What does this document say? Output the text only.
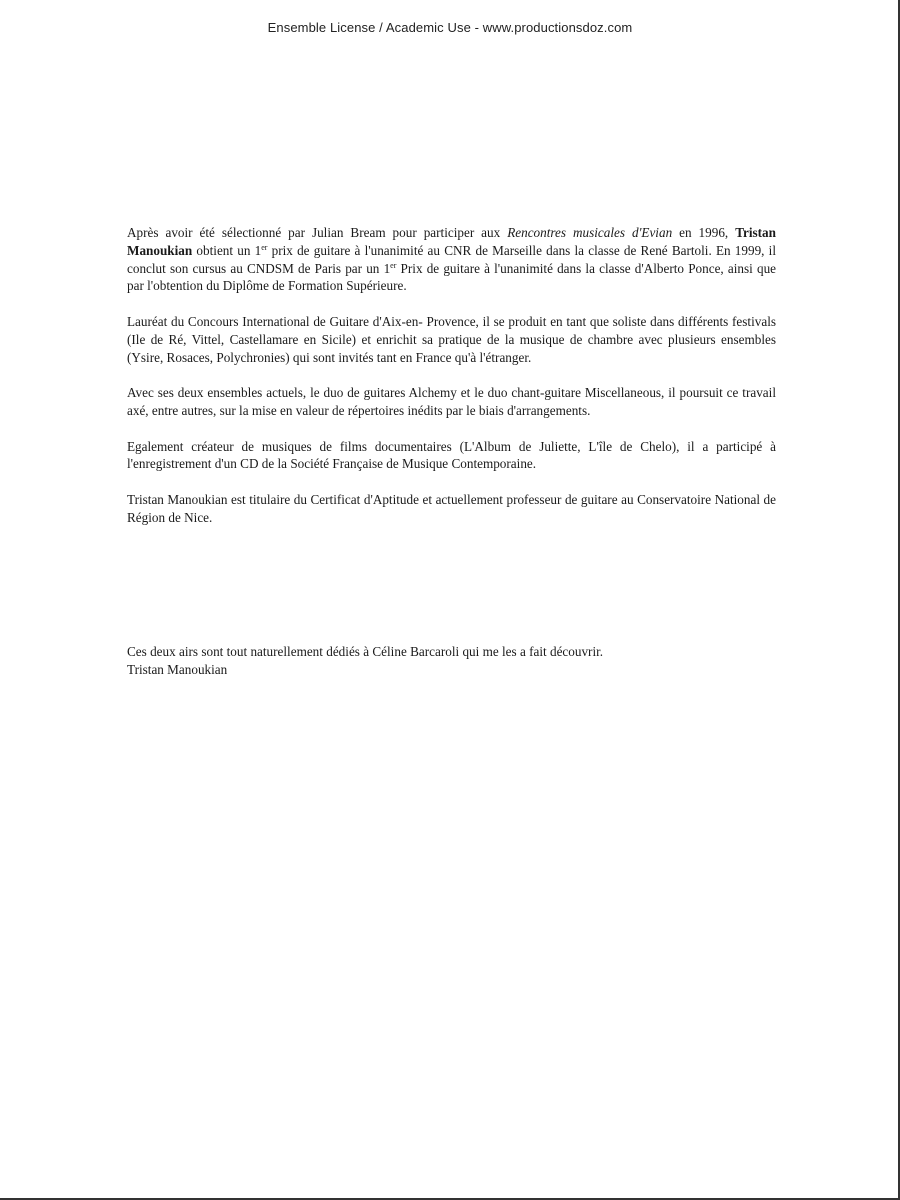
Ensemble License / Academic Use - www.productionsdoz.com

Après avoir été sélectionné par Julian Bream pour participer aux Rencontres musicales d'Evian en 1996, Tristan Manoukian obtient un 1er prix de guitare à l'unanimité au CNR de Marseille dans la classe de René Bartoli. En 1999, il conclut son cursus au CNDSM de Paris par un 1er Prix de guitare à l'unanimité dans la classe d'Alberto Ponce, ainsi que par l'obtention du Diplôme de Formation Supérieure.

Lauréat du Concours International de Guitare d'Aix-en- Provence, il se produit en tant que soliste dans différents festivals (Ile de Ré, Vittel, Castellamare en Sicile) et enrichit sa pratique de la musique de chambre avec plusieurs ensembles (Ysire, Rosaces, Polychronies) qui sont invités tant en France qu'à l'étranger.

Avec ses deux ensembles actuels, le duo de guitares Alchemy et le duo chant-guitare Miscellaneous, il poursuit ce travail axé, entre autres, sur la mise en valeur de répertoires inédits par le biais d'arrangements.

Egalement créateur de musiques de films documentaires (L'Album de Juliette, L'île de Chelo), il a participé à l'enregistrement d'un CD de la Société Française de Musique Contemporaine.

Tristan Manoukian est titulaire du Certificat d'Aptitude et actuellement professeur de guitare au Conservatoire National de Région de Nice.

Ces deux airs sont tout naturellement dédiés à Céline Barcaroli qui me les a fait découvrir.
Tristan Manoukian
